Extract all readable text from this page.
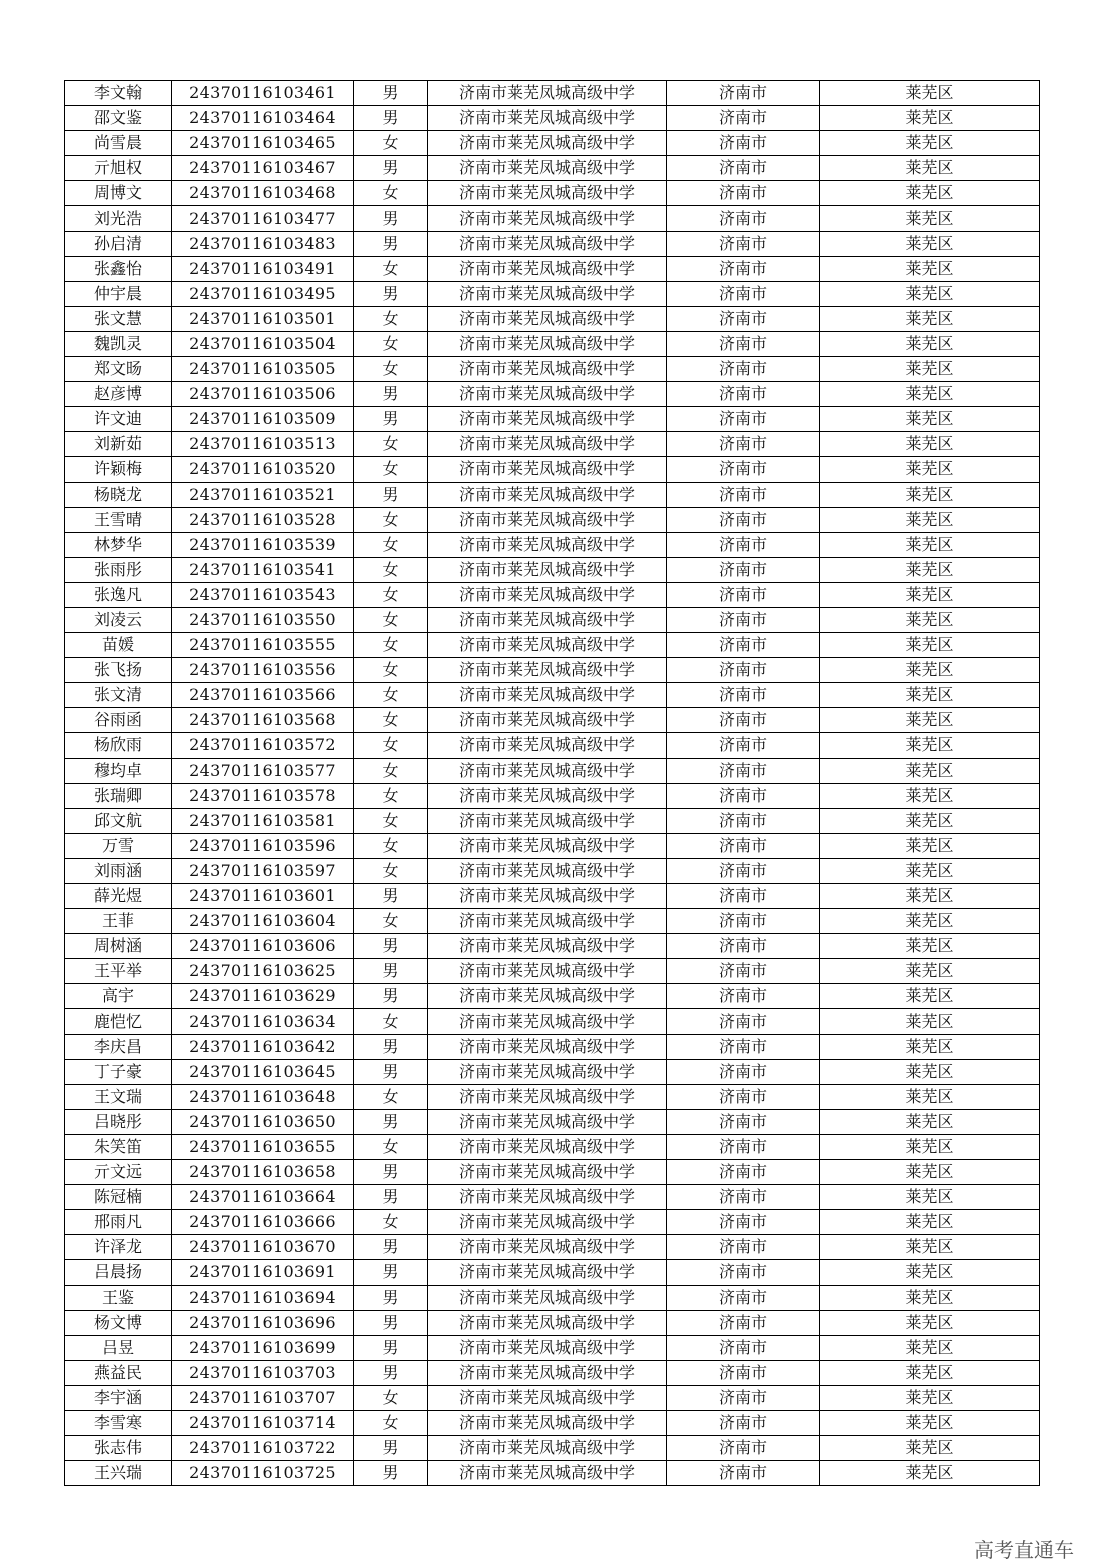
李文翰	24370116103461	男	济南市莱芜凤城高级中学	济南市	莱芜区
邵文鉴	24370116103464	男	济南市莱芜凤城高级中学	济南市	莱芜区
尚雪晨	24370116103465	女	济南市莱芜凤城高级中学	济南市	莱芜区
亓旭权	24370116103467	男	济南市莱芜凤城高级中学	济南市	莱芜区
周博文	24370116103468	女	济南市莱芜凤城高级中学	济南市	莱芜区
刘光浩	24370116103477	男	济南市莱芜凤城高级中学	济南市	莱芜区
孙启清	24370116103483	男	济南市莱芜凤城高级中学	济南市	莱芜区
张鑫怡	24370116103491	女	济南市莱芜凤城高级中学	济南市	莱芜区
仲宇晨	24370116103495	男	济南市莱芜凤城高级中学	济南市	莱芜区
张文慧	24370116103501	女	济南市莱芜凤城高级中学	济南市	莱芜区
魏凯灵	24370116103504	女	济南市莱芜凤城高级中学	济南市	莱芜区
郑文旸	24370116103505	女	济南市莱芜凤城高级中学	济南市	莱芜区
赵彦博	24370116103506	男	济南市莱芜凤城高级中学	济南市	莱芜区
许文迪	24370116103509	男	济南市莱芜凤城高级中学	济南市	莱芜区
刘新茹	24370116103513	女	济南市莱芜凤城高级中学	济南市	莱芜区
许颖梅	24370116103520	女	济南市莱芜凤城高级中学	济南市	莱芜区
杨晓龙	24370116103521	男	济南市莱芜凤城高级中学	济南市	莱芜区
王雪晴	24370116103528	女	济南市莱芜凤城高级中学	济南市	莱芜区
林梦华	24370116103539	女	济南市莱芜凤城高级中学	济南市	莱芜区
张雨彤	24370116103541	女	济南市莱芜凤城高级中学	济南市	莱芜区
张逸凡	24370116103543	女	济南市莱芜凤城高级中学	济南市	莱芜区
刘凌云	24370116103550	女	济南市莱芜凤城高级中学	济南市	莱芜区
苗媛	24370116103555	女	济南市莱芜凤城高级中学	济南市	莱芜区
张飞扬	24370116103556	女	济南市莱芜凤城高级中学	济南市	莱芜区
张文清	24370116103566	女	济南市莱芜凤城高级中学	济南市	莱芜区
谷雨函	24370116103568	女	济南市莱芜凤城高级中学	济南市	莱芜区
杨欣雨	24370116103572	女	济南市莱芜凤城高级中学	济南市	莱芜区
穆均卓	24370116103577	女	济南市莱芜凤城高级中学	济南市	莱芜区
张瑞卿	24370116103578	女	济南市莱芜凤城高级中学	济南市	莱芜区
邱文航	24370116103581	女	济南市莱芜凤城高级中学	济南市	莱芜区
万雪	24370116103596	女	济南市莱芜凤城高级中学	济南市	莱芜区
刘雨涵	24370116103597	女	济南市莱芜凤城高级中学	济南市	莱芜区
薛光煜	24370116103601	男	济南市莱芜凤城高级中学	济南市	莱芜区
王菲	24370116103604	女	济南市莱芜凤城高级中学	济南市	莱芜区
周树涵	24370116103606	男	济南市莱芜凤城高级中学	济南市	莱芜区
王平举	24370116103625	男	济南市莱芜凤城高级中学	济南市	莱芜区
高宇	24370116103629	男	济南市莱芜凤城高级中学	济南市	莱芜区
鹿恺忆	24370116103634	女	济南市莱芜凤城高级中学	济南市	莱芜区
李庆昌	24370116103642	男	济南市莱芜凤城高级中学	济南市	莱芜区
丁子豪	24370116103645	男	济南市莱芜凤城高级中学	济南市	莱芜区
王文瑞	24370116103648	女	济南市莱芜凤城高级中学	济南市	莱芜区
吕晓彤	24370116103650	男	济南市莱芜凤城高级中学	济南市	莱芜区
朱笑笛	24370116103655	女	济南市莱芜凤城高级中学	济南市	莱芜区
亓文远	24370116103658	男	济南市莱芜凤城高级中学	济南市	莱芜区
陈冠楠	24370116103664	男	济南市莱芜凤城高级中学	济南市	莱芜区
邢雨凡	24370116103666	女	济南市莱芜凤城高级中学	济南市	莱芜区
许泽龙	24370116103670	男	济南市莱芜凤城高级中学	济南市	莱芜区
吕晨扬	24370116103691	男	济南市莱芜凤城高级中学	济南市	莱芜区
王鉴	24370116103694	男	济南市莱芜凤城高级中学	济南市	莱芜区
杨文博	24370116103696	男	济南市莱芜凤城高级中学	济南市	莱芜区
吕昱	24370116103699	男	济南市莱芜凤城高级中学	济南市	莱芜区
燕益民	24370116103703	男	济南市莱芜凤城高级中学	济南市	莱芜区
李宇涵	24370116103707	女	济南市莱芜凤城高级中学	济南市	莱芜区
李雪寒	24370116103714	女	济南市莱芜凤城高级中学	济南市	莱芜区
张志伟	24370116103722	男	济南市莱芜凤城高级中学	济南市	莱芜区
王兴瑞	24370116103725	男	济南市莱芜凤城高级中学	济南市	莱芜区
高考直通车
